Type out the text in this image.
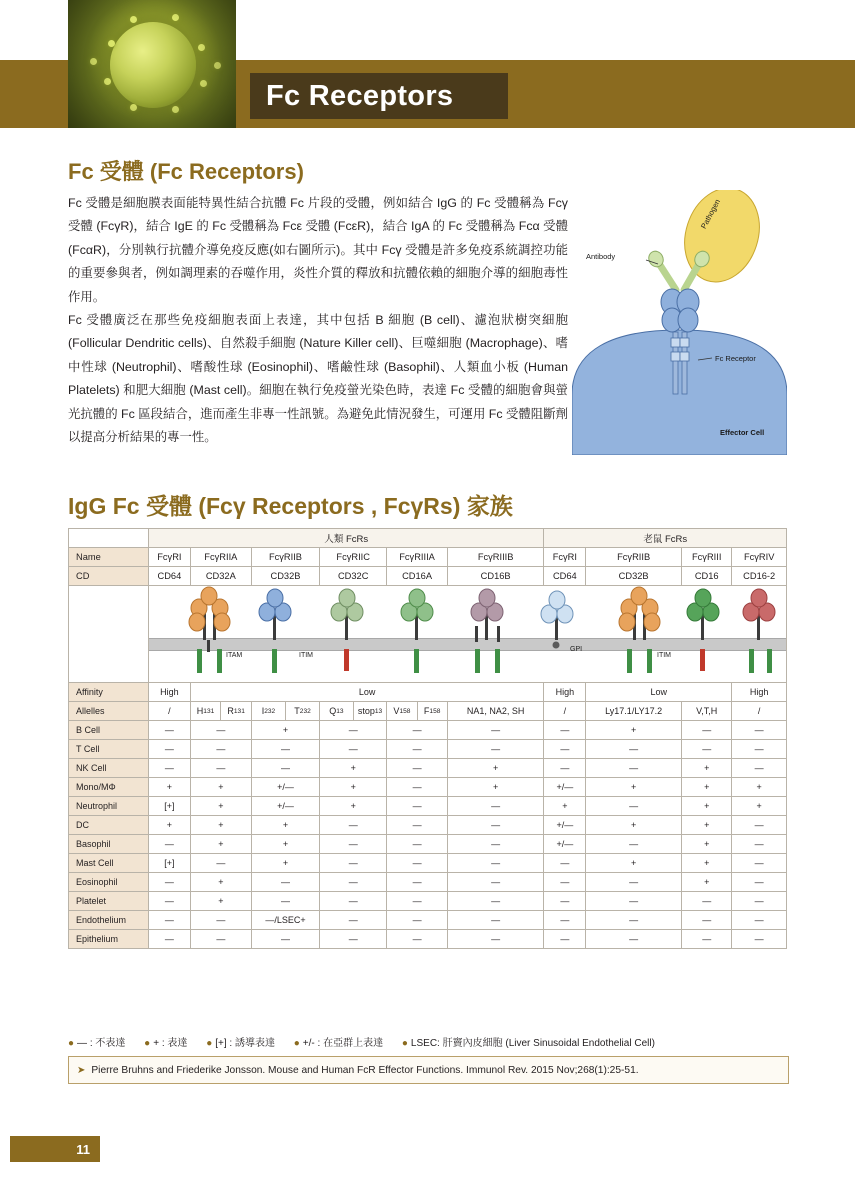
Fc Receptors
Fc 受體 (Fc Receptors)

Fc 受體是細胞膜表面能特異性結合抗體 Fc 片段的受體，例如結合 IgG 的 Fc 受體稱為 Fcγ 受體 (FcγR)，結合 IgE 的 Fc 受體稱為 Fcε 受體 (FcεR)，結合 IgA 的 Fc 受體稱為 Fcα 受體 (FcαR)，分別執行抗體介導免疫反應(如右圖所示)。其中 Fcγ 受體是許多免疫系統調控功能的重要參與者，例如調理素的吞噬作用，炎性介質的釋放和抗體依賴的細胞介導的細胞毒性作用。

Fc 受體廣泛在那些免疫細胞表面上表達，其中包括 B 細胞 (B cell)、濾泡狀樹突細胞 (Follicular Dendritic cells)、自然殺手細胞 (Nature Killer cell)、巨噬細胞 (Macrophage)、嗜中性球 (Neutrophil)、嗜酸性球 (Eosinophil)、嗜鹼性球 (Basophil)、人類血小板 (Human Platelets) 和肥大細胞 (Mast cell)。細胞在執行免疫螢光染色時，表達 Fc 受體的細胞會與螢光抗體的 Fc 區段結合，進而產生非專一性訊號。為避免此情況發生，可運用 Fc 受體阻斷劑以提高分析結果的專一性。

Antibody
Pathogen
Fc Receptor
Effector Cell
IgG Fc 受體 (Fcγ Receptors , FcγRs) 家族
	人類 FcRs						老鼠 FcRs			
Name	FcγRI	FcγRIIA	FcγRIIB	FcγRIIC	FcγRIIIA	FcγRIIIB	FcγRI	FcγRIIB	FcγRIII	FcγRIV
CD	CD64	CD32A	CD32B	CD32C	CD16A	CD16B	CD64	CD32B	CD16	CD16-2

	ITAM ITIM
GPI
ITIM									

Affinity	High	Low					High	Low		High
Allelles	/	H 131	R 131	I 232	T 232	Q 13	stop 13	V 158	F 158	NA1, NA2, SH	/	Ly17.1/LY17.2	V,T,H	/
B Cell	—	—	+	—	—	—	—	+	—	—
T Cell	—	—	—	—	—	—	—	—	—	—
NK Cell	—	—	—	+	—	+	—	—	+	—
Mono/MΦ	+	+	+/—	+	—	+	+/—	+	+	+
Neutrophil	[+]	+	+/—	+	—	—	+	—	+	+
DC	+	+	+	—	—	—	+/—	+	+	—
Basophil	—	+	+	—	—	—	+/—	—	+	—
Mast Cell	[+]	—	+	—	—	—	—	+	+	—
Eosinophil	—	+	—	—	—	—	—	—	+	—
Platelet	—	+	—	—	—	—	—	—	—	—
Endothelium	—	—	—/LSEC+	—	—	—	—	—	—	—
Epithelium	—	—	—	—	—	—	—	—	—	—
● — : 不表達 ● + : 表達 ● [+] : 誘導表達 ● +/- : 在亞群上表達 ● LSEC: 肝竇內皮細胞 (Liver Sinusoidal Endothelial Cell)
➤ Pierre Bruhns and Friederike Jonsson. Mouse and Human FcR Effector Functions. Immunol Rev. 2015 Nov;268(1):25-51.
11
